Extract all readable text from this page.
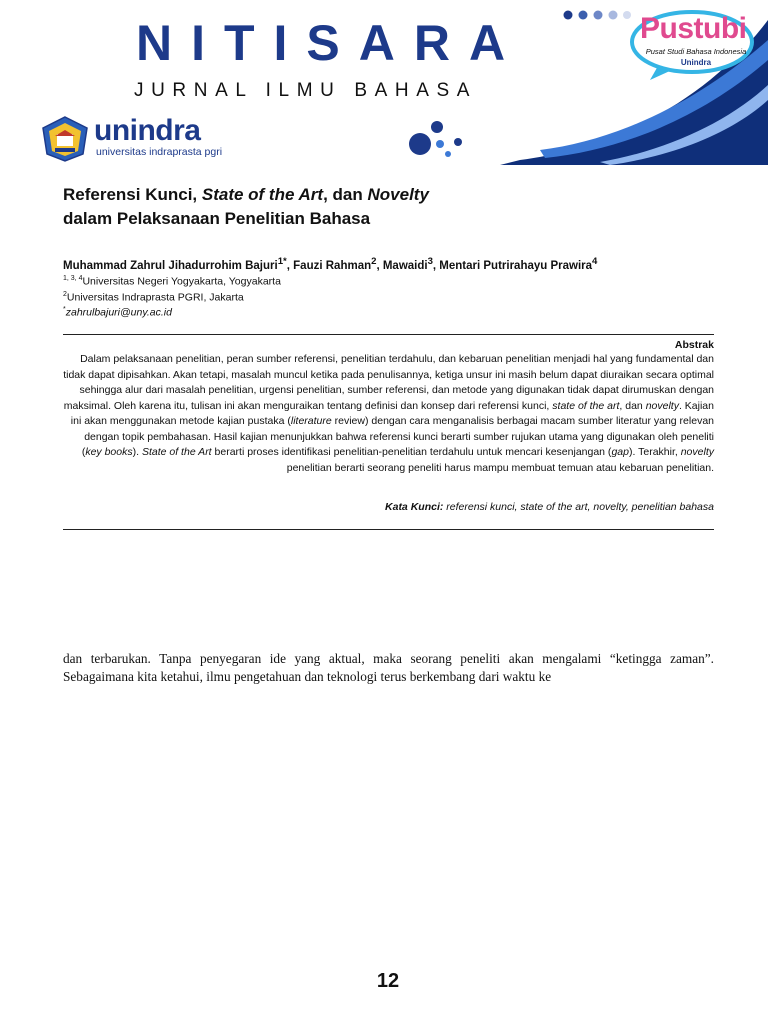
NITISARA
JURNAL ILMU BAHASA
Pustubi
Pusat Studi Bahasa Indonesia
Unindra
unindra
universitas indraprasta pgri
Referensi Kunci, State of the Art, dan Novelty
dalam Pelaksanaan Penelitian Bahasa
Muhammad Zahrul Jihadurrohim Bajuri$^{1*}$, Fauzi Rahman$^2$, Mawaidi$^3$, Mentari Putrirahayu Prawira$^4$
$^{1, 3, 4}$Universitas Negeri Yogyakarta, Yogyakarta
$^2$Universitas Indraprasta PGRI, Jakarta
*zahrulbajuri@uny.ac.id
Abstrak

Dalam pelaksanaan penelitian, peran sumber referensi, penelitian terdahulu, dan kebaruan penelitian menjadi hal yang fundamental dan tidak dapat dipisahkan. Akan tetapi, masalah muncul ketika pada penulisannya, ketiga unsur ini masih belum dapat diuraikan secara optimal sehingga alur dari masalah penelitian, urgensi penelitian, sumber referensi, dan metode yang digunakan tidak dapat dirumuskan dengan maksimal. Oleh karena itu, tulisan ini akan menguraikan tentang definisi dan konsep dari referensi kunci, state of the art, dan novelty. Kajian ini akan menggunakan metode kajian pustaka (literature review) dengan cara menganalisis berbagai macam sumber literatur yang relevan dengan topik pembahasan. Hasil kajian menunjukkan bahwa referensi kunci berarti sumber rujukan utama yang digunakan oleh peneliti (key books). State of the Art berarti proses identifikasi penelitian-penelitian terdahulu untuk mencari kesenjangan (gap). Terakhir, novelty penelitian berarti seorang peneliti harus mampu membuat temuan atau kebaruan penelitian.

Kata Kunci: referensi kunci, state of the art, novelty, penelitian bahasa

dan terbarukan. Tanpa penyegaran ide yang aktual, maka seorang peneliti akan mengalami “ketingga zaman”. Sebagaimana kita ketahui, ilmu pengetahuan dan teknologi terus berkembang dari waktu ke

12
